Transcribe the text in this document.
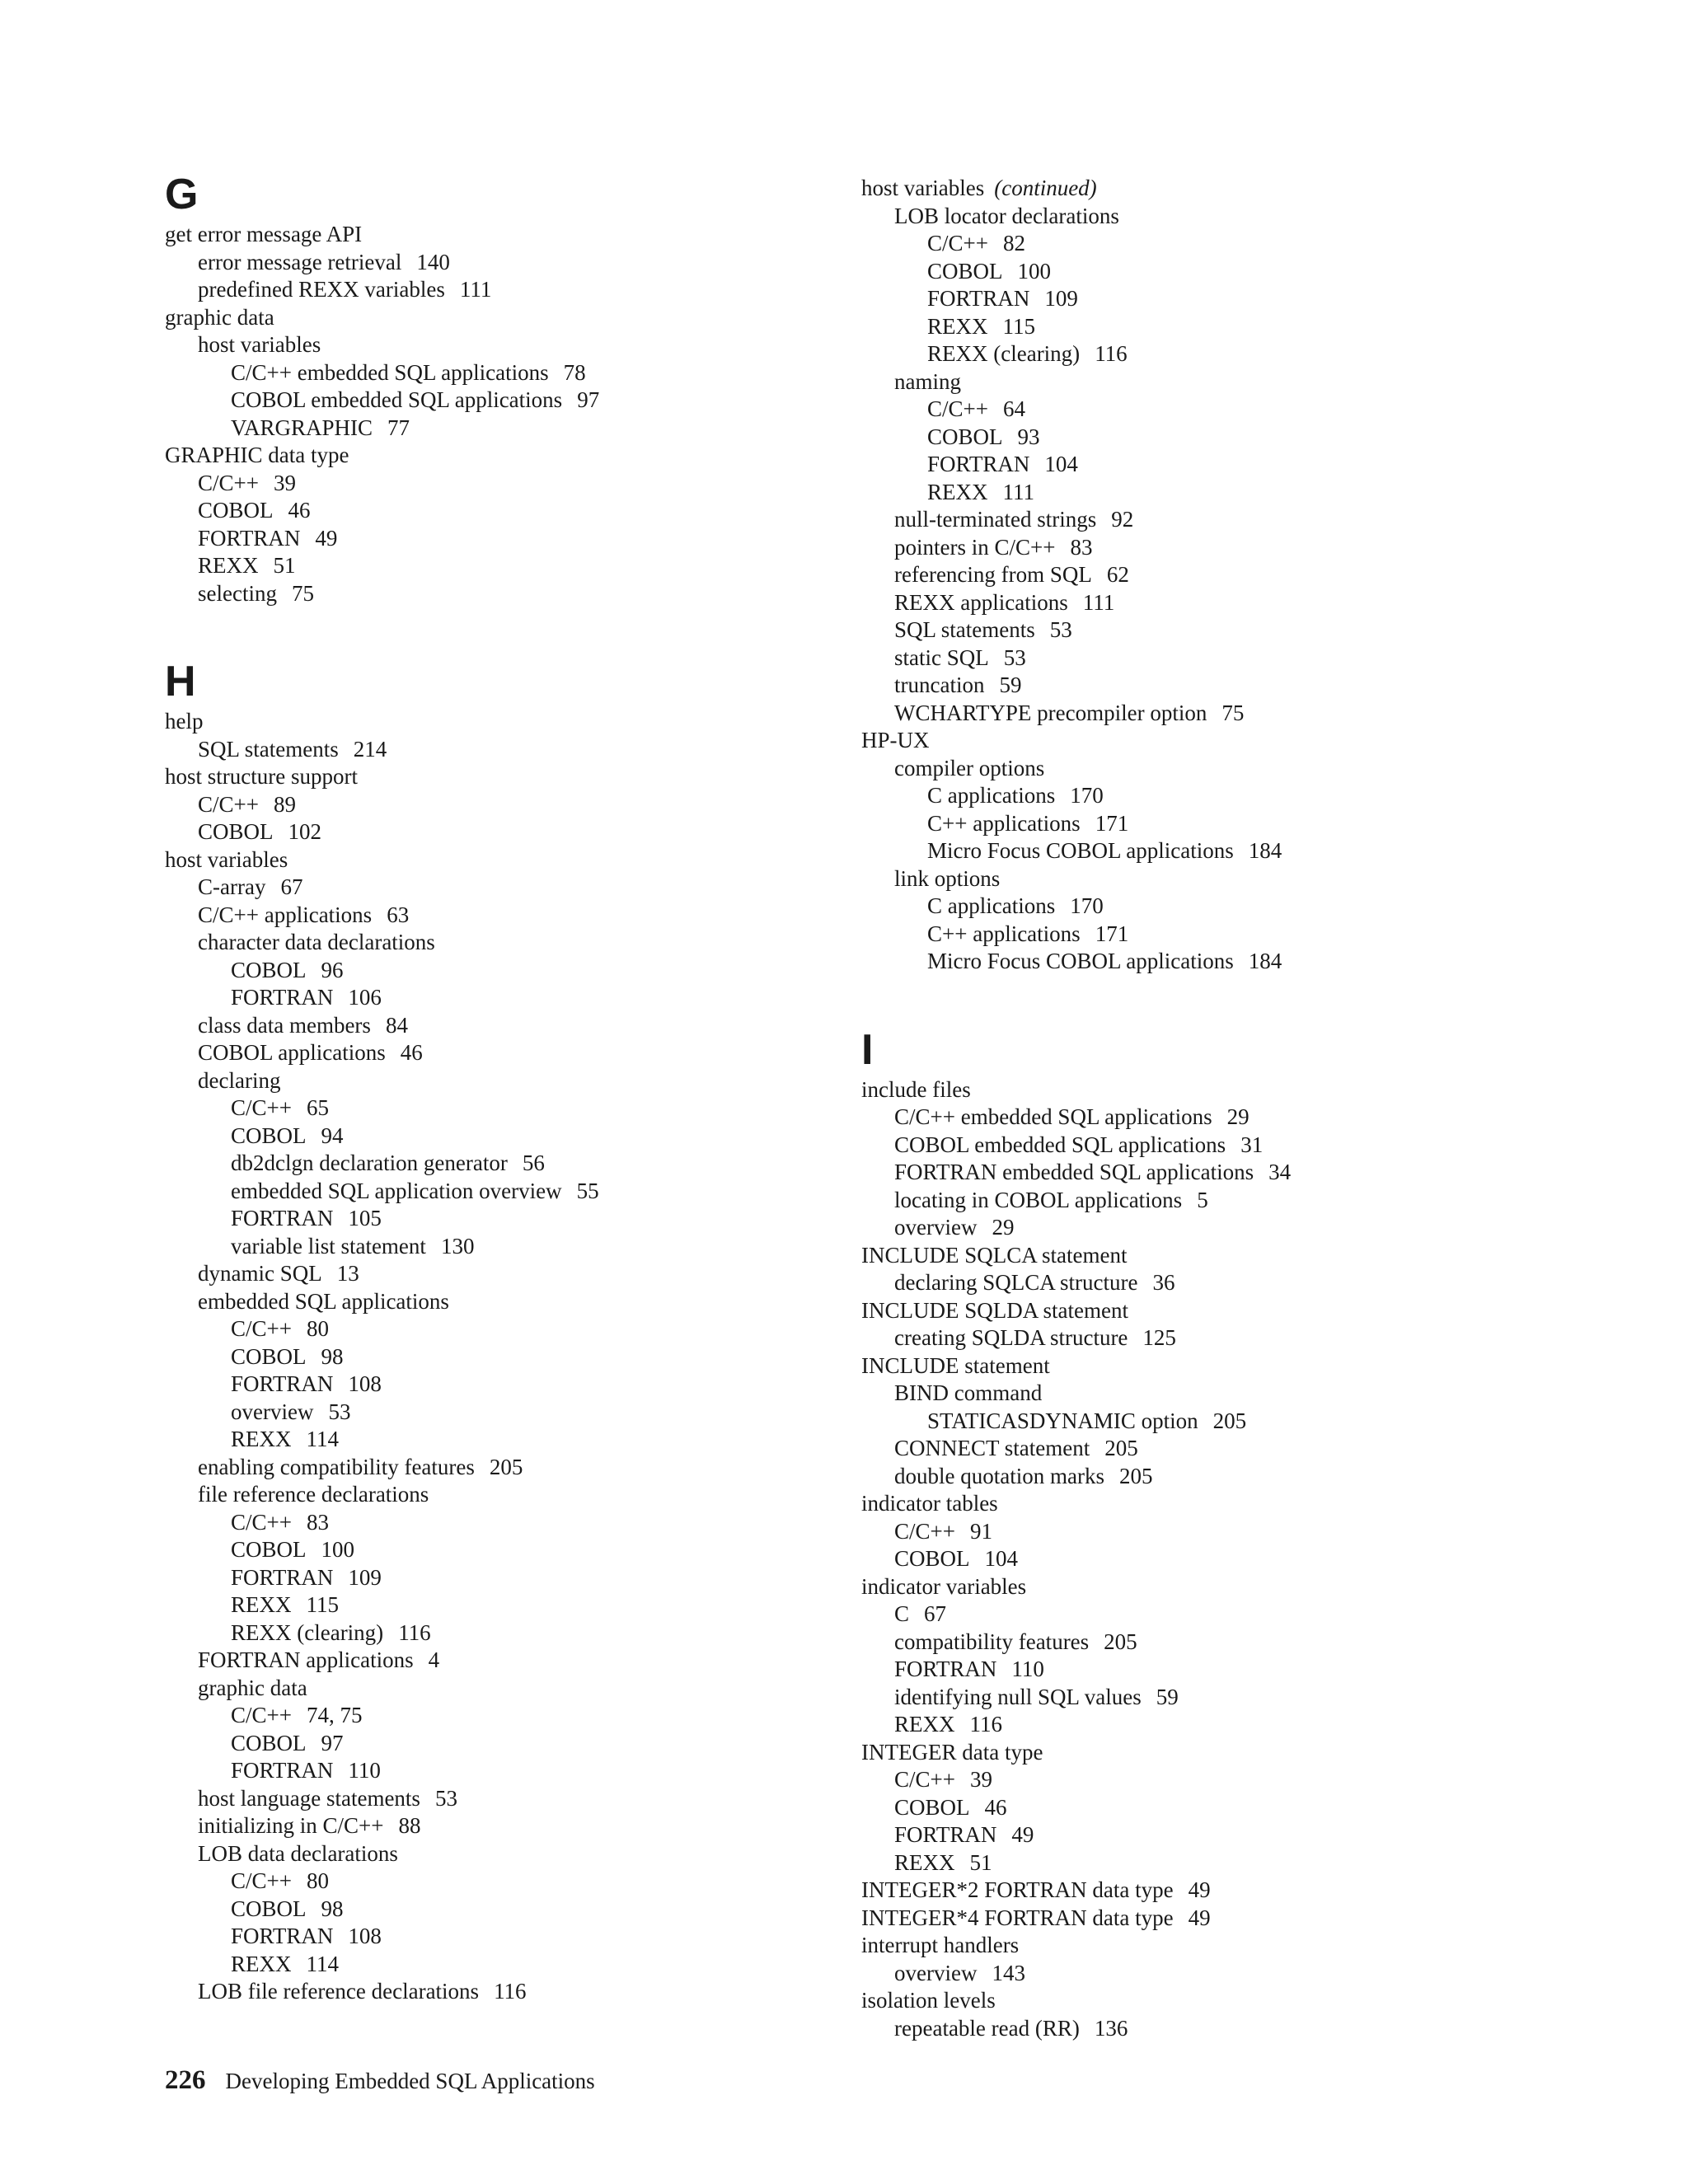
G
get error message API
error message retrieval 140
predefined REXX variables 111
graphic data
host variables
C/C++ embedded SQL applications 78
COBOL embedded SQL applications 97
VARGRAPHIC 77
GRAPHIC data type
C/C++ 39
COBOL 46
FORTRAN 49
REXX 51
selecting 75
H
help
SQL statements 214
host structure support
C/C++ 89
COBOL 102
host variables
C-array 67
C/C++ applications 63
character data declarations
COBOL 96
FORTRAN 106
class data members 84
COBOL applications 46
declaring
C/C++ 65
COBOL 94
db2dclgn declaration generator 56
embedded SQL application overview 55
FORTRAN 105
variable list statement 130
dynamic SQL 13
embedded SQL applications
C/C++ 80
COBOL 98
FORTRAN 108
overview 53
REXX 114
enabling compatibility features 205
file reference declarations
C/C++ 83
COBOL 100
FORTRAN 109
REXX 115
REXX (clearing) 116
FORTRAN applications 4
graphic data
C/C++ 74, 75
COBOL 97
FORTRAN 110
host language statements 53
initializing in C/C++ 88
LOB data declarations
C/C++ 80
COBOL 98
FORTRAN 108
REXX 114
LOB file reference declarations 116
host variables (continued)
LOB locator declarations
C/C++ 82
COBOL 100
FORTRAN 109
REXX 115
REXX (clearing) 116
naming
C/C++ 64
COBOL 93
FORTRAN 104
REXX 111
null-terminated strings 92
pointers in C/C++ 83
referencing from SQL 62
REXX applications 111
SQL statements 53
static SQL 53
truncation 59
WCHARTYPE precompiler option 75
HP-UX
compiler options
C applications 170
C++ applications 171
Micro Focus COBOL applications 184
link options
C applications 170
C++ applications 171
Micro Focus COBOL applications 184
I
include files
C/C++ embedded SQL applications 29
COBOL embedded SQL applications 31
FORTRAN embedded SQL applications 34
locating in COBOL applications 5
overview 29
INCLUDE SQLCA statement
declaring SQLCA structure 36
INCLUDE SQLDA statement
creating SQLDA structure 125
INCLUDE statement
BIND command
STATICASDYNAMIC option 205
CONNECT statement 205
double quotation marks 205
indicator tables
C/C++ 91
COBOL 104
indicator variables
C 67
compatibility features 205
FORTRAN 110
identifying null SQL values 59
REXX 116
INTEGER data type
C/C++ 39
COBOL 46
FORTRAN 49
REXX 51
INTEGER*2 FORTRAN data type 49
INTEGER*4 FORTRAN data type 49
interrupt handlers
overview 143
isolation levels
repeatable read (RR) 136
226 Developing Embedded SQL Applications
